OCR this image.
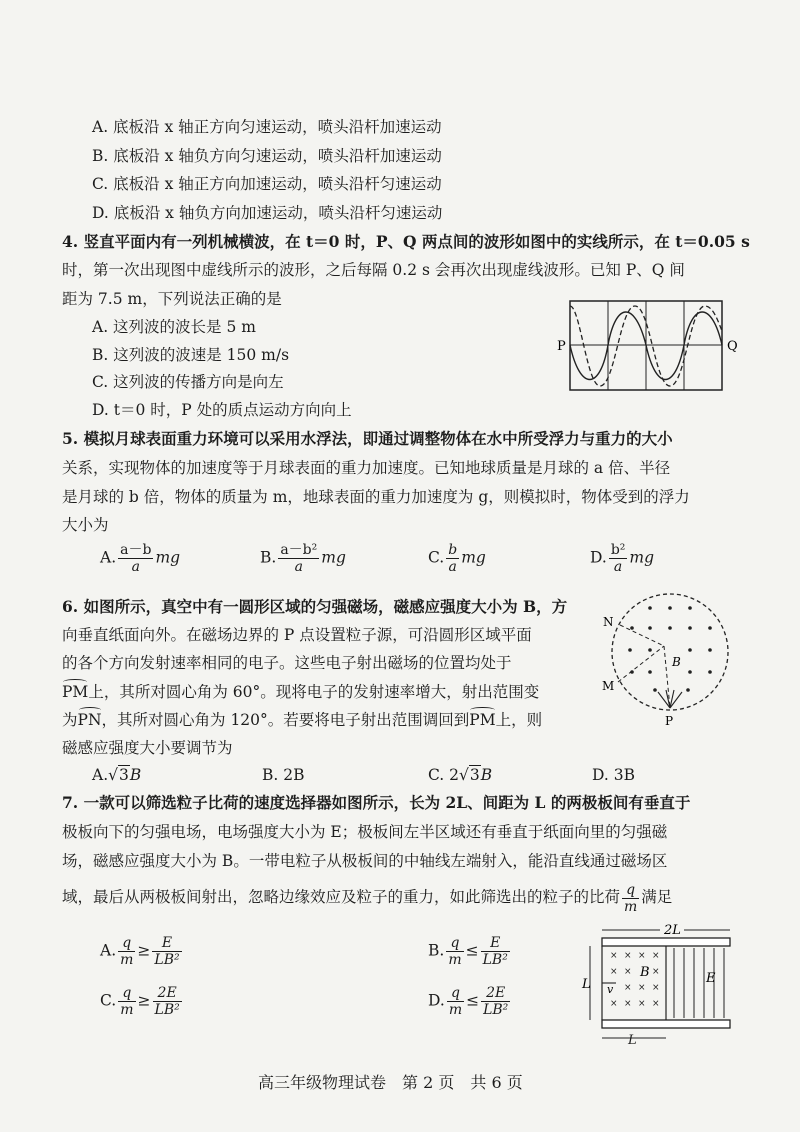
A. 底板沿 x 轴正方向匀速运动，喷头沿杆加速运动
B. 底板沿 x 轴负方向匀速运动，喷头沿杆加速运动
C. 底板沿 x 轴正方向加速运动，喷头沿杆匀速运动
D. 底板沿 x 轴负方向加速运动，喷头沿杆匀速运动
4. 竖直平面内有一列机械横波，在 t＝0 时，P、Q 两点间的波形如图中的实线所示，在 t＝0.05 s
时，第一次出现图中虚线所示的波形，之后每隔 0.2 s 会再次出现虚线波形。已知 P、Q 间
距为 7.5 m，下列说法正确的是
A. 这列波的波长是 5 m
B. 这列波的波速是 150 m/s
C. 这列波的传播方向是向左
D. t＝0 时，P 处的质点运动方向向上
P	Q
5. 模拟月球表面重力环境可以采用水浮法，即通过调整物体在水中所受浮力与重力的大小
关系，实现物体的加速度等于月球表面的重力加速度。已知地球质量是月球的 a 倍、半径
是月球的 b 倍，物体的质量为 m，地球表面的重力加速度为 g，则模拟时，物体受到的浮力
大小为
A. $\frac{a-b}{a}$ mg	B. $\frac{\text{a－b²}}{a}$ mg	C. $\frac{b}{a}$ mg	D. $\frac{\text{b²}}{a}$ mg
6. 如图所示，真空中有一圆形区域的匀强磁场，磁感应强度大小为 B，方
向垂直纸面向外。在磁场边界的 P 点设置粒子源，可沿圆形区域平面
的各个方向发射速率相同的电子。这些电子射出磁场的位置均处于
PM上，其所对圆心角为 60°。现将电子的发射速率增大，射出范围变
为PN，其所对圆心角为 120°。若要将电子射出范围调回到PM上，则
磁感应强度大小要调节为
A.√3B	B. 2B	C. 2√3B	D. 3B
B
N
M
P
7. 一款可以筛选粒子比荷的速度选择器如图所示，长为 2L、间距为 L 的两极板间有垂直于
极板向下的匀强电场，电场强度大小为 E；极板间左半区域还有垂直于纸面向里的匀强磁
场，磁感应强度大小为 B。一带电粒子从极板间的中轴线左端射入，能沿直线通过磁场区
域，最后从两极板间射出，忽略边缘效应及粒子的重力，如此筛选出的粒子的比荷 $\frac{q}{m}$ 满足
A. $\frac{q}{m} \ge \frac{E}{\text{LB²}}$	B. $\frac{q}{m} \le \frac{E}{\text{LB²}}$
C. $\frac{q}{m} \ge \frac{2E}{\text{LB²}}$	D. $\frac{q}{m} \le \frac{2E}{\text{LB²}}$
2L
× × × ×
× × ×
× × ×
× × × ×
B	E
v
L
L
高三年级物理试卷　第 2 页　共 6 页
